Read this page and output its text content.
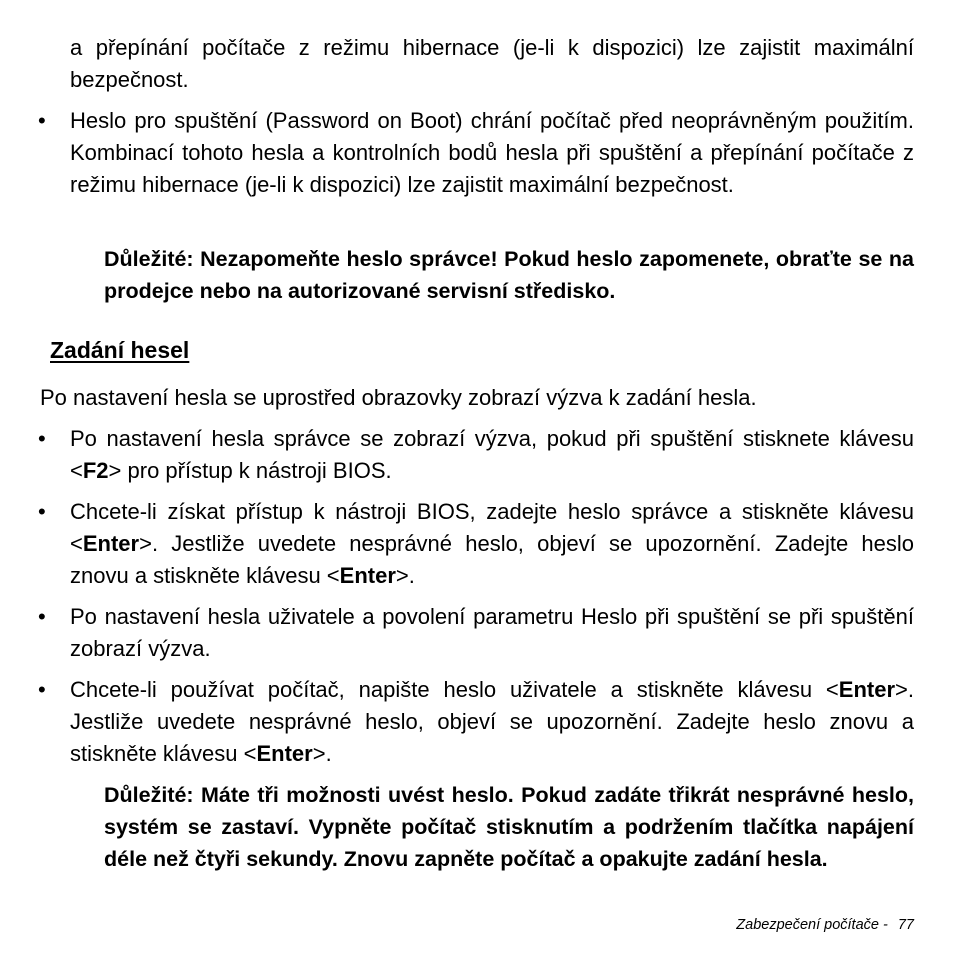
a přepínání počítače z režimu hibernace (je-li k dispozici) lze zajistit maximální bezpečnost.
• Heslo pro spuštění (Password on Boot) chrání počítač před neoprávněným použitím. Kombinací tohoto hesla a kontrolních bodů hesla při spuštění a přepínání počítače z režimu hibernace (je-li k dispozici) lze zajistit maximální bezpečnost.
Důležité: Nezapomeňte heslo správce! Pokud heslo zapomenete, obraťte se na prodejce nebo na autorizované servisní středisko.
Zadání hesel
Po nastavení hesla se uprostřed obrazovky zobrazí výzva k zadání hesla.
• Po nastavení hesla správce se zobrazí výzva, pokud při spuštění stisknete klávesu <F2> pro přístup k nástroji BIOS.
• Chcete-li získat přístup k nástroji BIOS, zadejte heslo správce a stiskněte klávesu <Enter>. Jestliže uvedete nesprávné heslo, objeví se upozornění. Zadejte heslo znovu a stiskněte klávesu <Enter>.
• Po nastavení hesla uživatele a povolení parametru Heslo při spuštění se při spuštění zobrazí výzva.
• Chcete-li používat počítač, napište heslo uživatele a stiskněte klávesu <Enter>. Jestliže uvedete nesprávné heslo, objeví se upozornění. Zadejte heslo znovu a stiskněte klávesu <Enter>.
Důležité: Máte tři možnosti uvést heslo. Pokud zadáte třikrát nesprávné heslo, systém se zastaví. Vypněte počítač stisknutím a podržením tlačítka napájení déle než čtyři sekundy. Znovu zapněte počítač a opakujte zadání hesla.
Zabezpečení počítače - 77
